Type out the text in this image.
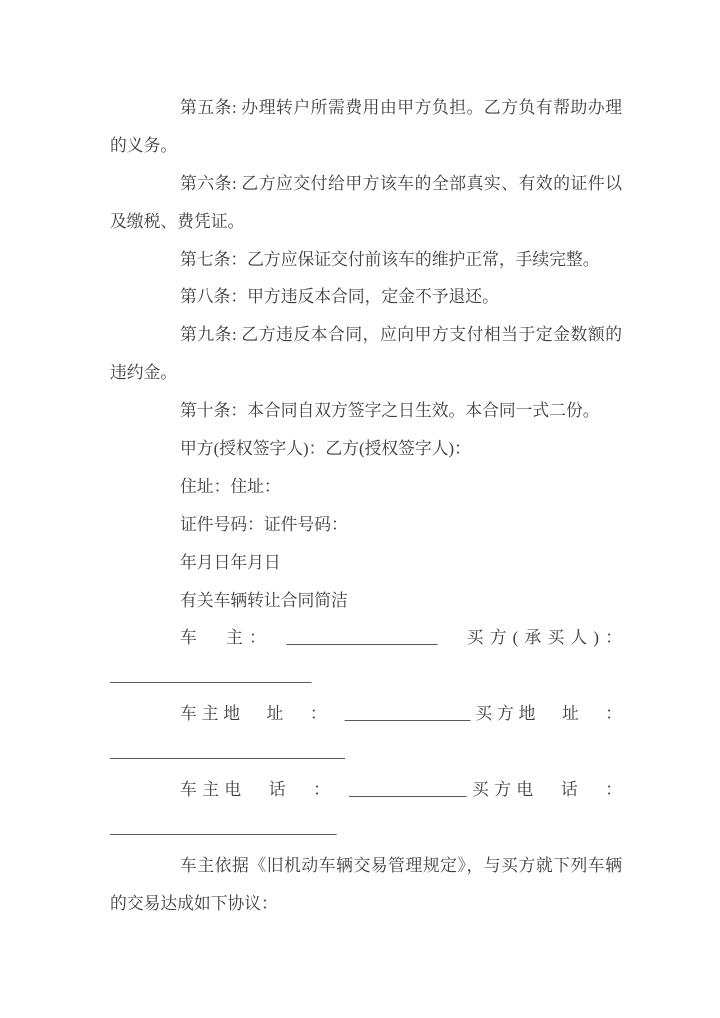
第五条: 办理转户所需费用由甲方负担。乙方负有帮助办理
的义务。
第六条: 乙方应交付给甲方该车的全部真实、有效的证件以
及缴税、费凭证。
第七条：乙方应保证交付前该车的维护正常，手续完整。
第八条：甲方违反本合同，定金不予退还。
第九条: 乙方违反本合同，应向甲方支付相当于定金数额的
违约金。
第十条：本合同自双方签字之日生效。本合同一式二份。
甲方(授权签字人)：乙方(授权签字人)：
住址：住址：
证件号码：证件号码：
年月日年月日
有关车辆转让合同简洁
车　主：　__________________　买方(承买人)：
________________________
车主地　址　：　_______________买方地　址　：
____________________________
车主电　话　：　______________买方电　话　：
___________________________
车主依据《旧机动车辆交易管理规定》，与买方就下列车辆
的交易达成如下协议：
